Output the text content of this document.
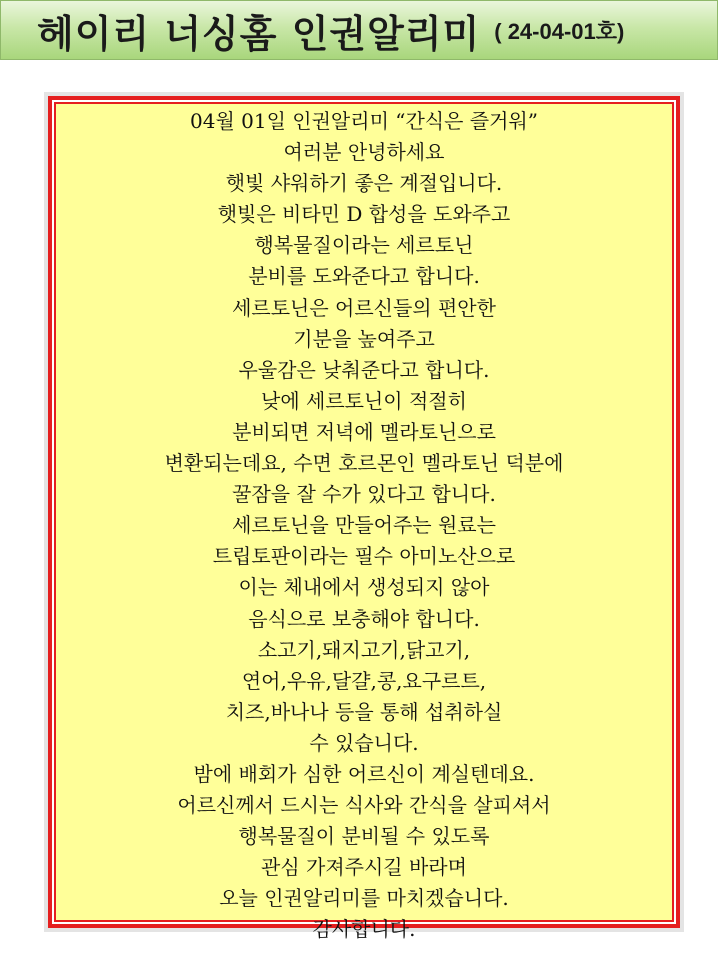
헤이리 너싱홈 인권알리미 ( 24-04-01호)
04월 01일 인권알리미 “간식은 즐거워”
여러분 안녕하세요
햇빛 샤워하기 좋은 계절입니다.
햇빛은 비타민 D 합성을 도와주고
행복물질이라는 세르토닌
분비를 도와준다고 합니다.
세르토닌은 어르신들의 편안한
기분을 높여주고
우울감은 낮춰준다고 합니다.
낮에 세르토닌이 적절히
분비되면 저녁에 멜라토닌으로
변환되는데요, 수면 호르몬인 멜라토닌 덕분에
꿀잠을 잘 수가 있다고 합니다.
세르토닌을 만들어주는 원료는
트립토판이라는 필수 아미노산으로
이는 체내에서 생성되지 않아
음식으로 보충해야 합니다.
소고기,돼지고기,닭고기,
연어,우유,달걀,콩,요구르트,
치즈,바나나 등을 통해 섭취하실
수 있습니다.
밤에 배회가 심한 어르신이 계실텐데요.
어르신께서 드시는 식사와 간식을 살피셔서
행복물질이 분비될 수 있도록
관심 가져주시길 바라며
오늘 인권알리미를 마치겠습니다.
감사합니다.
